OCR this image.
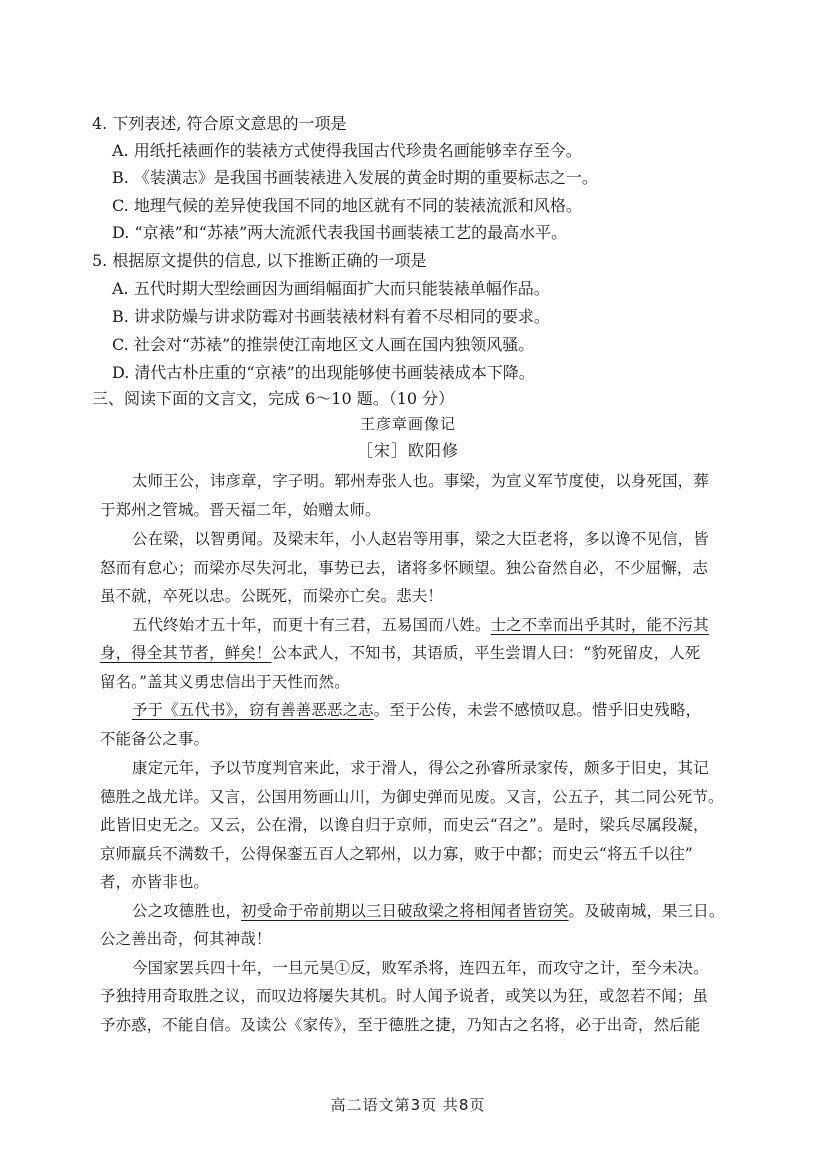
4. 下列表述, 符合原文意思的一项是
A. 用纸托裱画作的装裱方式使得我国古代珍贵名画能够幸存至今。
B. 《装潢志》是我国书画装裱进入发展的黄金时期的重要标志之一。
C. 地理气候的差异使我国不同的地区就有不同的装裱流派和风格。
D. “京裱”和“苏裱”两大流派代表我国书画装裱工艺的最高水平。
5. 根据原文提供的信息, 以下推断正确的一项是
A. 五代时期大型绘画因为画绢幅面扩大而只能装裱单幅作品。
B. 讲求防燥与讲求防霉对书画装裱材料有着不尽相同的要求。
C. 社会对“苏裱”的推崇使江南地区文人画在国内独领风骚。
D. 清代古朴庄重的“京裱”的出现能够使书画装裱成本下降。
三、阅读下面的文言文，完成 6～10 题。（10 分）
王彦章画像记
［宋］欧阳修
太师王公，讳彦章，字子明。郓州寿张人也。事梁，为宣义军节度使，以身死国，葬
于郑州之管城。晋天福二年，始赠太师。
公在梁，以智勇闻。及梁末年，小人赵岩等用事，梁之大臣老将，多以谗不见信，皆
怒而有怠心；而梁亦尽失河北，事势已去，诸将多怀顾望。独公奋然自必，不少屈懈，志
虽不就，卒死以忠。公既死，而梁亦亡矣。悲夫！
五代终始才五十年，而更十有三君，五易国而八姓。士之不幸而出乎其时，能不污其
身，得全其节者，鲜矣！公本武人，不知书，其语质，平生尝谓人曰：“豹死留皮，人死
留名。”盖其义勇忠信出于天性而然。
予于《五代书》，窃有善善恶恶之志。至于公传，未尝不感愤叹息。惜乎旧史残略，
不能备公之事。
康定元年，予以节度判官来此，求于滑人，得公之孙睿所录家传，颇多于旧史，其记
德胜之战尤详。又言，公国用笏画山川，为御史弹而见废。又言，公五子，其二同公死节。
此皆旧史无之。又云，公在滑，以谗自归于京师，而史云“召之”。是时，梁兵尽属段凝，
京师羸兵不满数千，公得保銮五百人之郓州，以力寡，败于中都；而史云“将五千以往”
者，亦皆非也。
公之攻德胜也，初受命于帝前期以三日破敌梁之将相闻者皆窃笑。及破南城，果三日。
公之善出奇，何其神哉！
今国家罢兵四十年，一旦元昊①反，败军杀将，连四五年，而攻守之计，至今未决。
予独持用奇取胜之议，而叹边将屡失其机。时人闻予说者，或笑以为狂，或忽若不闻；虽
予亦惑，不能自信。及读公《家传》，至于德胜之捷，乃知古之名将，必于出奇，然后能
高二语文第3页 共8页
